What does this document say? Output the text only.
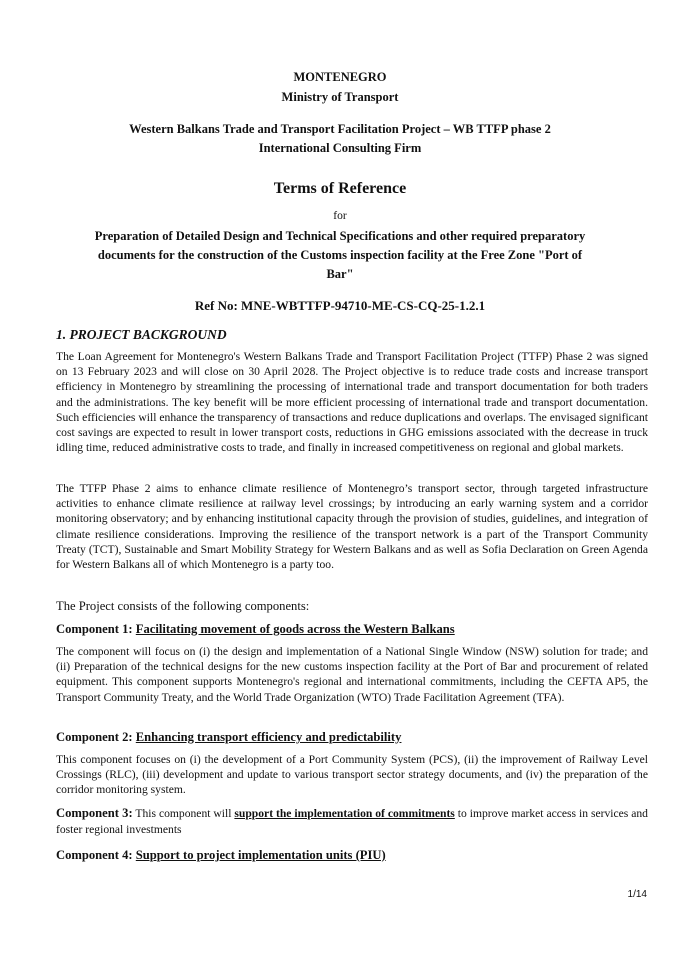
MONTENEGRO
Ministry of Transport
Western Balkans Trade and Transport Facilitation Project – WB TTFP phase 2
International Consulting Firm
Terms of Reference
for
Preparation of Detailed Design and Technical Specifications and other required preparatory
documents for the construction of the Customs inspection facility at the Free Zone "Port of
Bar"
Ref No: MNE-WBTTFP-94710-ME-CS-CQ-25-1.2.1
1. PROJECT BACKGROUND
The Loan Agreement for Montenegro's Western Balkans Trade and Transport Facilitation Project (TTFP) Phase 2 was signed on 13 February 2023 and will close on 30 April 2028. The Project objective is to reduce trade costs and increase transport efficiency in Montenegro by streamlining the processing of international trade and transport documentation for both traders and the administrations. The key benefit will be more efficient processing of international trade and transport documentation. Such efficiencies will enhance the transparency of transactions and reduce duplications and overlaps. The envisaged significant cost savings are expected to result in lower transport costs, reductions in GHG emissions associated with the decrease in truck idling time, reduced administrative costs to trade, and finally in increased competitiveness on regional and global markets.
The TTFP Phase 2 aims to enhance climate resilience of Montenegro’s transport sector, through targeted infrastructure activities to enhance climate resilience at railway level crossings; by introducing an early warning system and a corridor monitoring observatory; and by enhancing institutional capacity through the provision of studies, guidelines, and integration of climate resilience considerations. Improving the resilience of the transport network is a part of the Transport Community Treaty (TCT), Sustainable and Smart Mobility Strategy for Western Balkans and as well as Sofia Declaration on Green Agenda for Western Balkans all of which Montenegro is a party too.
The Project consists of the following components:
Component 1: Facilitating movement of goods across the Western Balkans
The component will focus on (i) the design and implementation of a National Single Window (NSW) solution for trade; and (ii) Preparation of the technical designs for the new customs inspection facility at the Port of Bar and procurement of related equipment. This component supports Montenegro's regional and international commitments, including the CEFTA AP5, the Transport Community Treaty, and the World Trade Organization (WTO) Trade Facilitation Agreement (TFA).
Component 2: Enhancing transport efficiency and predictability
This component focuses on (i) the development of a Port Community System (PCS), (ii) the improvement of Railway Level Crossings (RLC), (iii) development and update to various transport sector strategy documents, and (iv) the preparation of the corridor monitoring system.
Component 3: This component will support the implementation of commitments to improve market access in services and foster regional investments
Component 4: Support to project implementation units (PIU)
1/14
